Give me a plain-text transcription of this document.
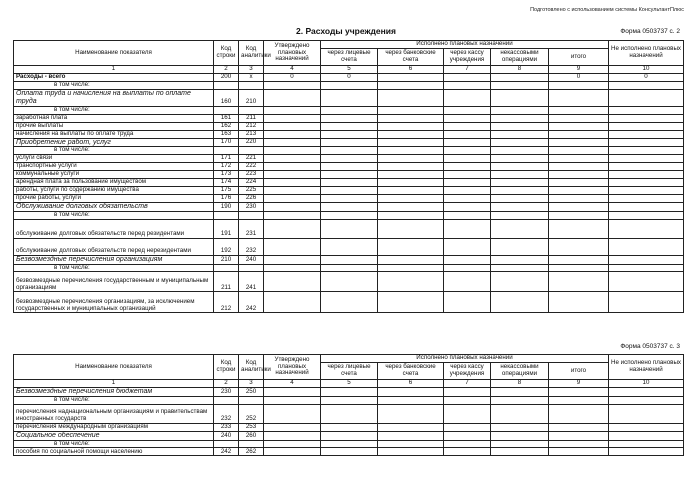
Подготовлено с использованием системы КонсультантПлюс
2. Расходы учреждения	Форма 0503737 с. 2
Форма 0503737 с. 3
Наименование показателя	Код строки	Код аналитики	Утверждено плановых назначений	Исполнено плановых назначений					Не исполнено плановых назначений
				через лицевые счета	через банковские счета	через кассу учреждения	некассовыми операциями	итого	
1	2	3	4	5	6	7	8	9	10
Расходы - всего	200	x	0	0				0	0
в том числе:									
Оплата труда и начисления на выплаты по оплате труда	160	210							
в том числе:									
заработная плата	161	211							
прочие выплаты	162	212							
начисления на выплаты по оплате труда	163	213							
Приобретение работ, услуг	170	220							
в том числе:									
услуги связи	171	221							
транспортные услуги	172	222							
коммунальные услуги	173	223							
арендная плата за пользование имуществом	174	224							
работы, услуги по содержанию имущества	175	225							
прочие работы, услуги	176	226							
Обслуживание долговых обязательств	190	230							
в том числе:									
обслуживание долговых обязательств перед резидентами	191	231							
обслуживание долговых обязательств перед нерезидентами	192	232							
Безвозмездные перечисления организациям	210	240							
в том числе:									
безвозмездные перечисления государственным и муниципальным организациям	211	241							
безвозмездные перечисления организациям, за исключением государственных и муниципальных организаций	212	242							
Наименование показателя	Код строки	Код аналитики	Утверждено плановых назначений	Исполнено плановых назначений					Не исполнено плановых назначений
				через лицевые счета	через банковские счета	через кассу учреждения	некассовыми операциями	итого	
1	2	3	4	5	6	7	8	9	10
Безвозмездные перечисления бюджетам	230	250							
в том числе:									
перечисления наднациональным организациям и правительствам иностранных государств	232	252							
перечисления международным организациям	233	253							
Социальное обеспечение	240	260							
в том числе:									
пособия по социальной помощи населению	242	262							
